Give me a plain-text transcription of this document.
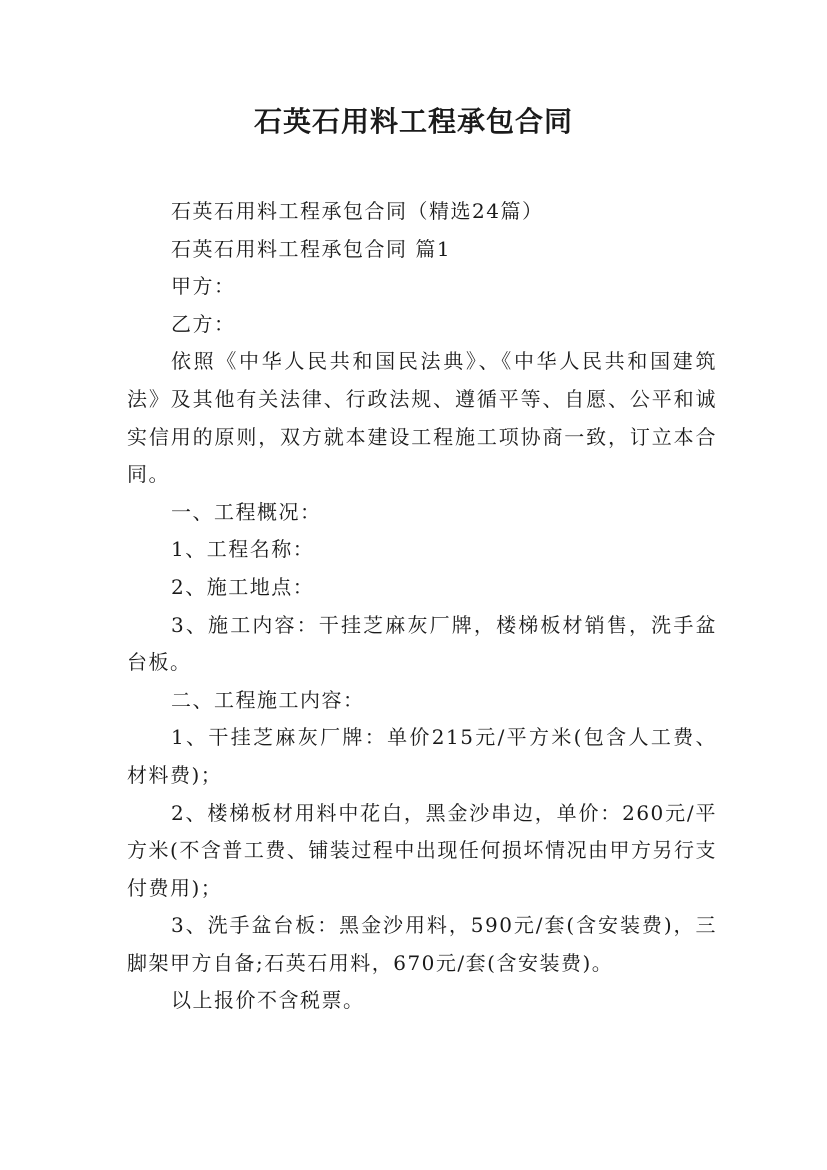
石英石用料工程承包合同

石英石用料工程承包合同（精选24篇）

石英石用料工程承包合同 篇1

甲方：

乙方：

依照《中华人民共和国民法典》、《中华人民共和国建筑法》及其他有关法律、行政法规、遵循平等、自愿、公平和诚实信用的原则，双方就本建设工程施工项协商一致，订立本合同。

一、工程概况：

1、工程名称：

2、施工地点：

3、施工内容：干挂芝麻灰厂牌，楼梯板材销售，洗手盆台板。

二、工程施工内容：

1、干挂芝麻灰厂牌：单价215元/平方米(包含人工费、材料费)；

2、楼梯板材用料中花白，黑金沙串边，单价：260元/平方米(不含普工费、铺装过程中出现任何损坏情况由甲方另行支付费用)；

3、洗手盆台板：黑金沙用料，590元/套(含安装费)，三脚架甲方自备;石英石用料，670元/套(含安装费)。

以上报价不含税票。
